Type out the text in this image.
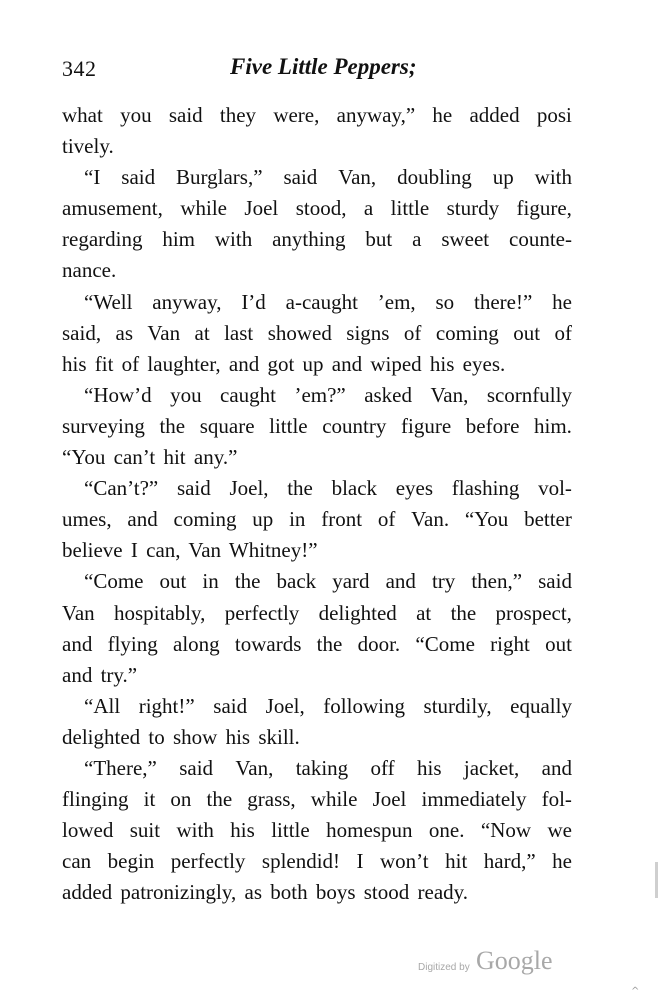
342	Five Little Peppers;
what you said they were, anyway,” he added posi
tively.
“I said Burglars,” said Van, doubling up with
amusement, while Joel stood, a little sturdy figure,
regarding him with anything but a sweet counte-
nance.
“Well anyway, I’d a-caught ’em, so there!” he
said, as Van at last showed signs of coming out of
his fit of laughter, and got up and wiped his eyes.
“How’d you caught ’em?” asked Van, scornfully
surveying the square little country figure before him.
“You can’t hit any.”
“Can’t?” said Joel, the black eyes flashing vol-
umes, and coming up in front of Van. “You better
believe I can, Van Whitney!”
“Come out in the back yard and try then,” said
Van hospitably, perfectly delighted at the prospect,
and flying along towards the door. “Come right out
and try.”
“All right!” said Joel, following sturdily, equally
delighted to show his skill.
“There,” said Van, taking off his jacket, and
flinging it on the grass, while Joel immediately fol-
lowed suit with his little homespun one. “Now we
can begin perfectly splendid! I won’t hit hard,” he
added patronizingly, as both boys stood ready.
Digitized by Google
^
